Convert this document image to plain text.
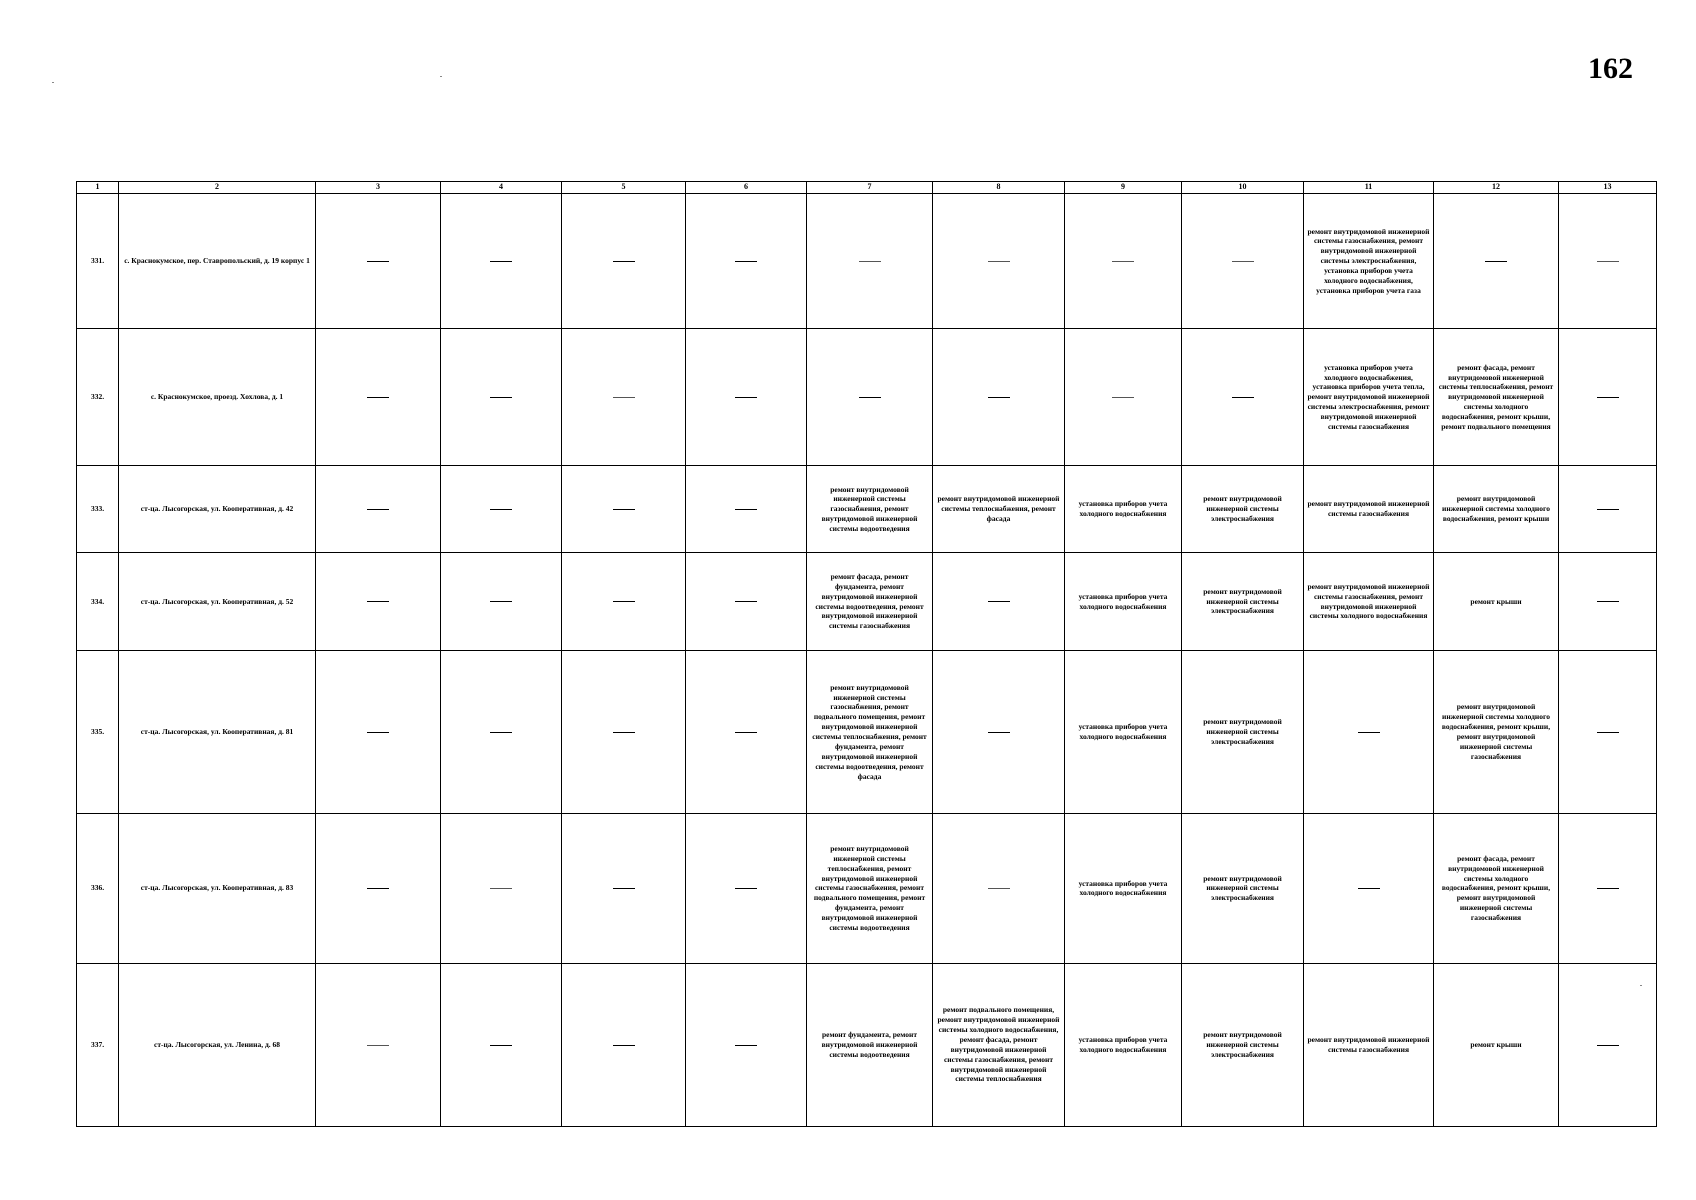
162
1	2	3	4	5	6	7	8	9	10	11	12	13
331.	с. Краснокумское, пер. Ставропольский, д. 19 корпус 1									ремонт внутридомовой инженерной системы газоснабжения, ремонт внутридомовой инженерной системы электроснабжения, установка приборов учета холодного водоснабжения, установка приборов учета газа		

332.	с. Краснокумское, проезд. Хохлова, д. 1									установка приборов учета холодного водоснабжения, установка приборов учета тепла, ремонт внутридомовой инженерной системы электроснабжения, ремонт внутридомовой инженерной системы газоснабжения	ремонт фасада, ремонт внутридомовой инженерной системы теплоснабжения, ремонт внутридомовой инженерной системы холодного водоснабжения, ремонт крыши, ремонт подвального помещения	

333.	ст-ца. Лысогорская, ул. Кооперативная, д. 42					ремонт внутридомовой инженерной системы газоснабжения, ремонт внутридомовой инженерной системы водоотведения	ремонт внутридомовой инженерной системы теплоснабжения, ремонт фасада	установка приборов учета холодного водоснабжения	ремонт внутридомовой инженерной системы электроснабжения	ремонт внутридомовой инженерной системы газоснабжения	ремонт внутридомовой инженерной системы холодного водоснабжения, ремонт крыши	

334.	ст-ца. Лысогорская, ул. Кооперативная, д. 52					ремонт фасада, ремонт фундамента, ремонт внутридомовой инженерной системы водоотведения, ремонт внутридомовой инженерной системы газоснабжения		установка приборов учета холодного водоснабжения	ремонт внутридомовой инженерной системы электроснабжения	ремонт внутридомовой инженерной системы газоснабжения, ремонт внутридомовой инженерной системы холодного водоснабжения	ремонт крыши	

335.	ст-ца. Лысогорская, ул. Кооперативная, д. 81					ремонт внутридомовой инженерной системы газоснабжения, ремонт подвального помещения, ремонт внутридомовой инженерной системы теплоснабжения, ремонт фундамента, ремонт внутридомовой инженерной системы водоотведения, ремонт фасада		установка приборов учета холодного водоснабжения	ремонт внутридомовой инженерной системы электроснабжения		ремонт внутридомовой инженерной системы холодного водоснабжения, ремонт крыши, ремонт внутридомовой инженерной системы газоснабжения	

336.	ст-ца. Лысогорская, ул. Кооперативная, д. 83					ремонт внутридомовой инженерной системы теплоснабжения, ремонт внутридомовой инженерной системы газоснабжения, ремонт подвального помещения, ремонт фундамента, ремонт внутридомовой инженерной системы водоотведения		установка приборов учета холодного водоснабжения	ремонт внутридомовой инженерной системы электроснабжения		ремонт фасада, ремонт внутридомовой инженерной системы холодного водоснабжения, ремонт крыши, ремонт внутридомовой инженерной системы газоснабжения	

337.	ст-ца. Лысогорская, ул. Ленина, д. 68					ремонт фундамента, ремонт внутридомовой инженерной системы водоотведения	ремонт подвального помещения, ремонт внутридомовой инженерной системы холодного водоснабжения, ремонт фасада, ремонт внутридомовой инженерной системы газоснабжения, ремонт внутридомовой инженерной системы теплоснабжения	установка приборов учета холодного водоснабжения	ремонт внутридомовой инженерной системы электроснабжения	ремонт внутридомовой инженерной системы газоснабжения	ремонт крыши	
